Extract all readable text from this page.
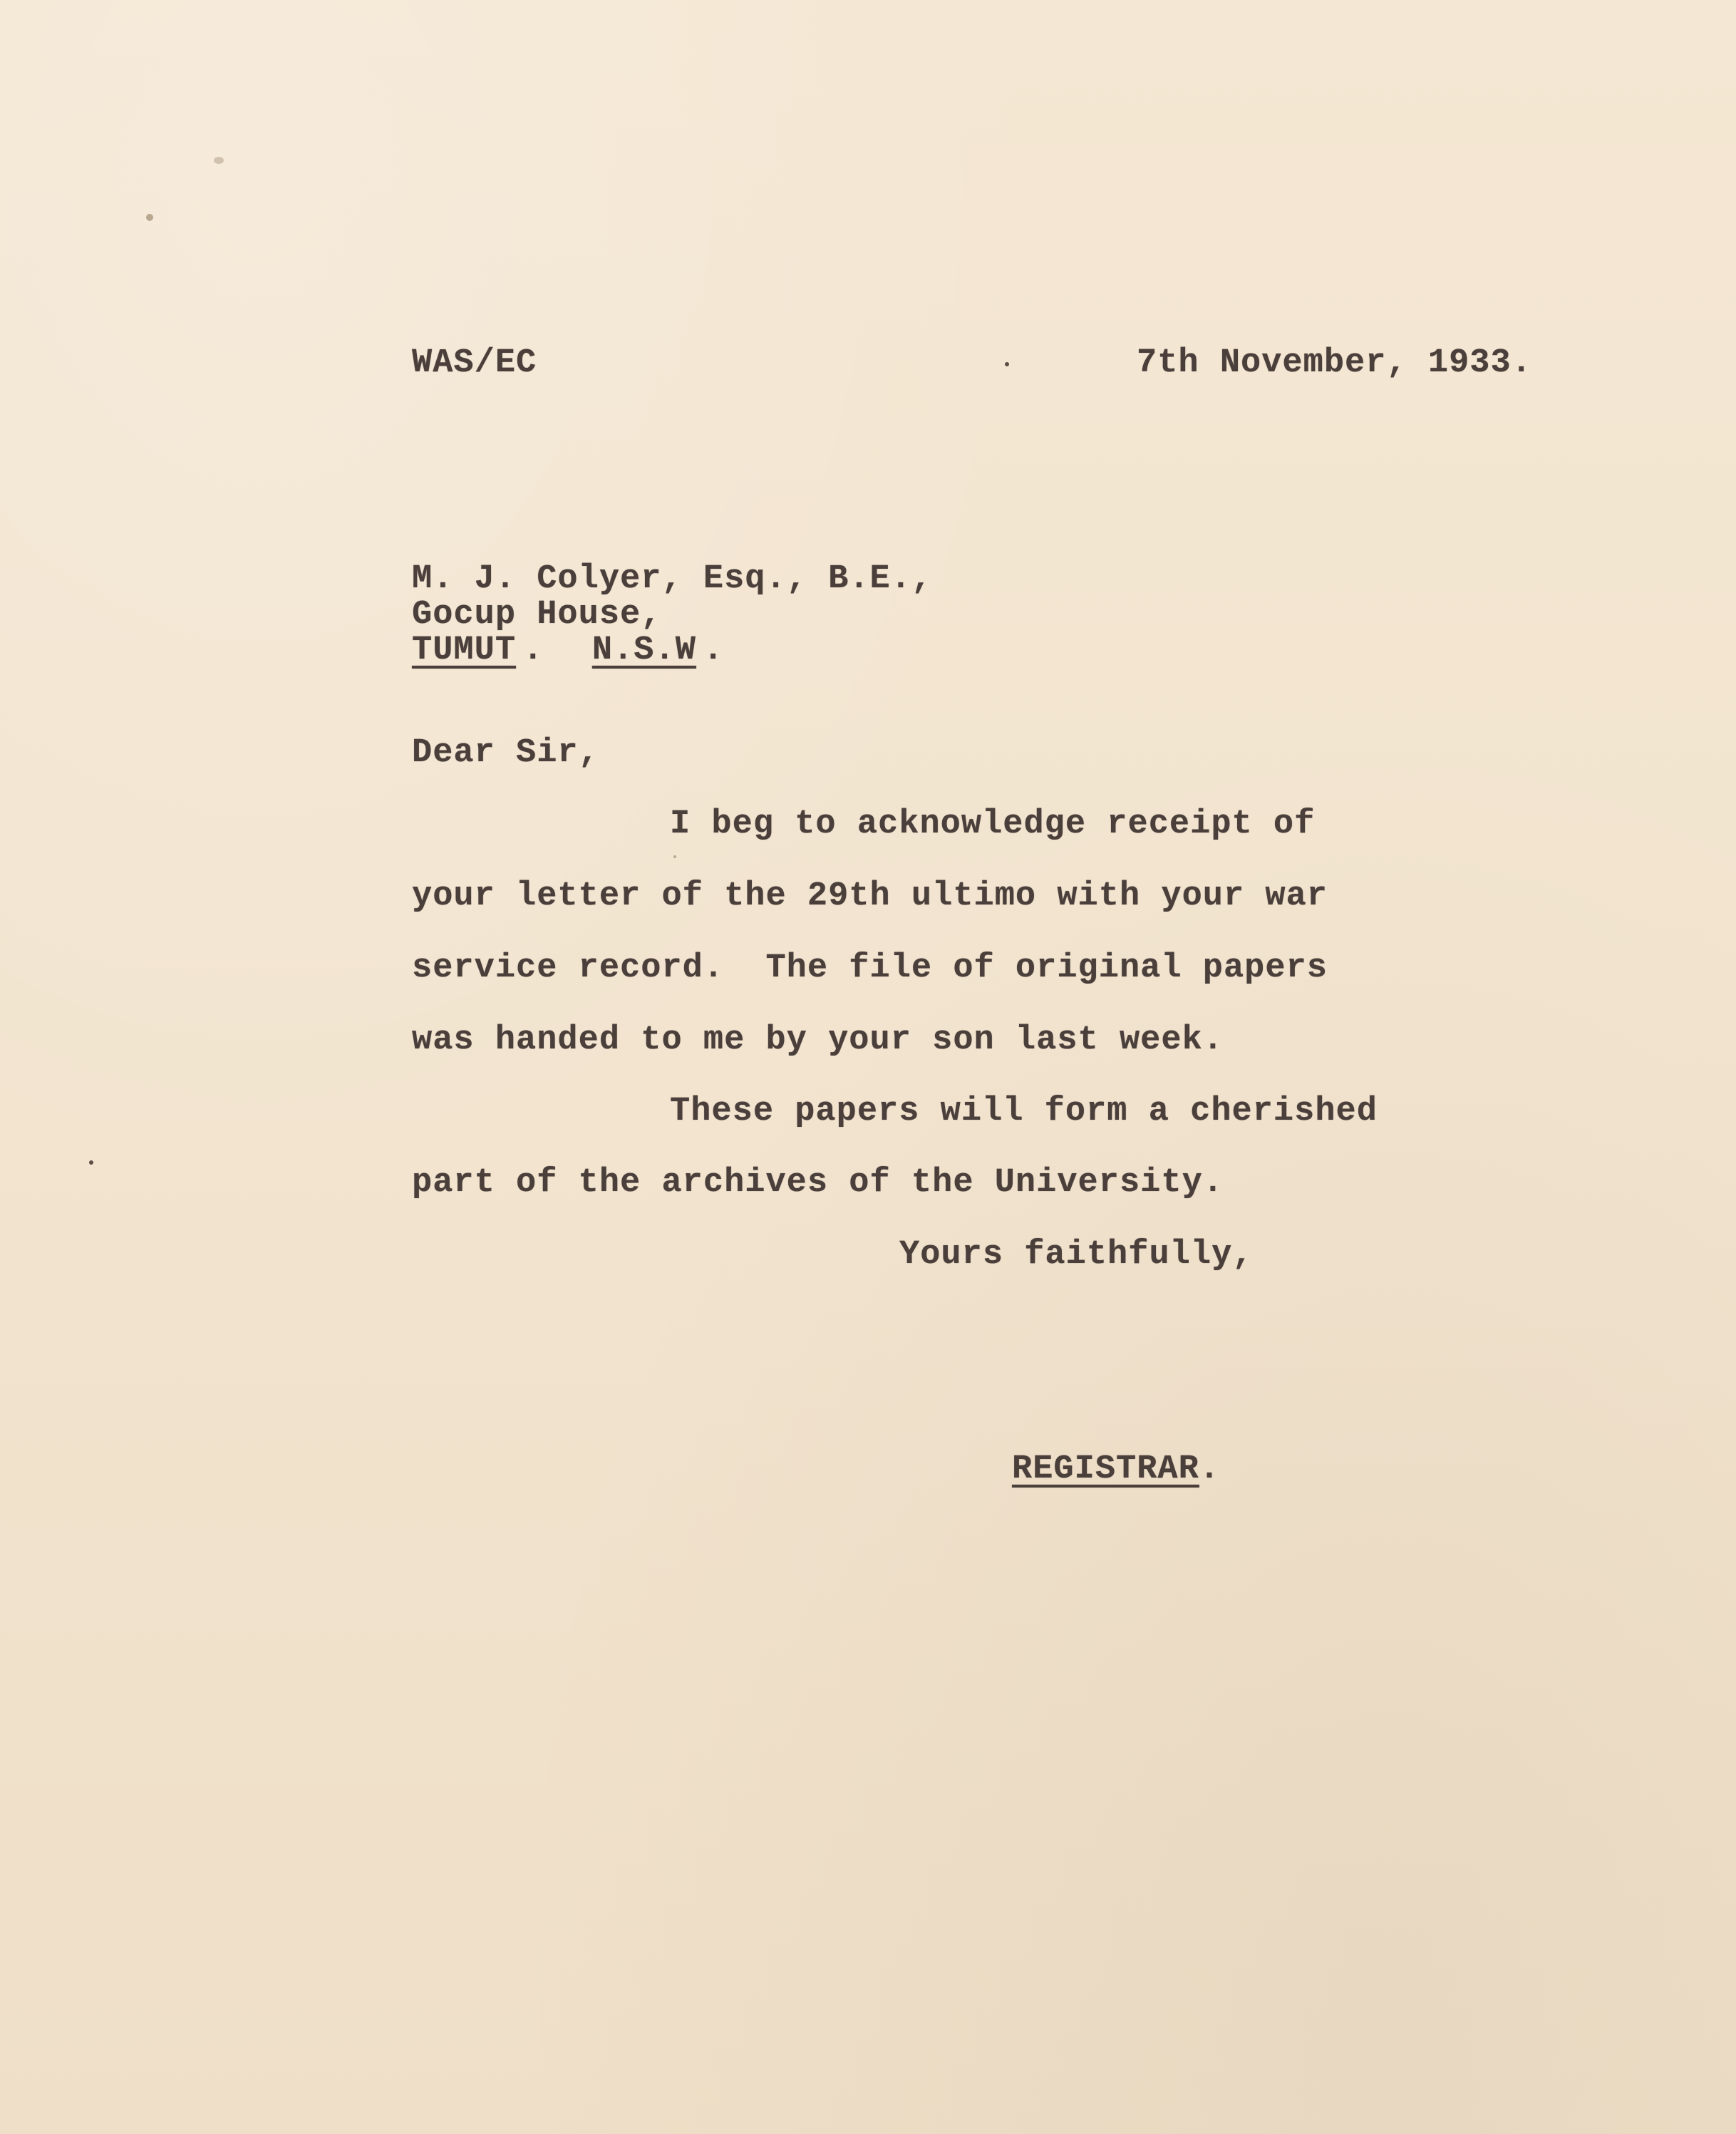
WAS/EC	7th November, 1933.

M. J. Colyer, Esq., B.E.,

Gocup House,

TUMUT .   N.S.W .

Dear Sir,

I beg to acknowledge receipt of

your letter of the 29th ultimo with your war

service record.  The file of original papers

was handed to me by your son last week.

These papers will form a cherished

part of the archives of the University.

Yours faithfully,

REGISTRAR.
